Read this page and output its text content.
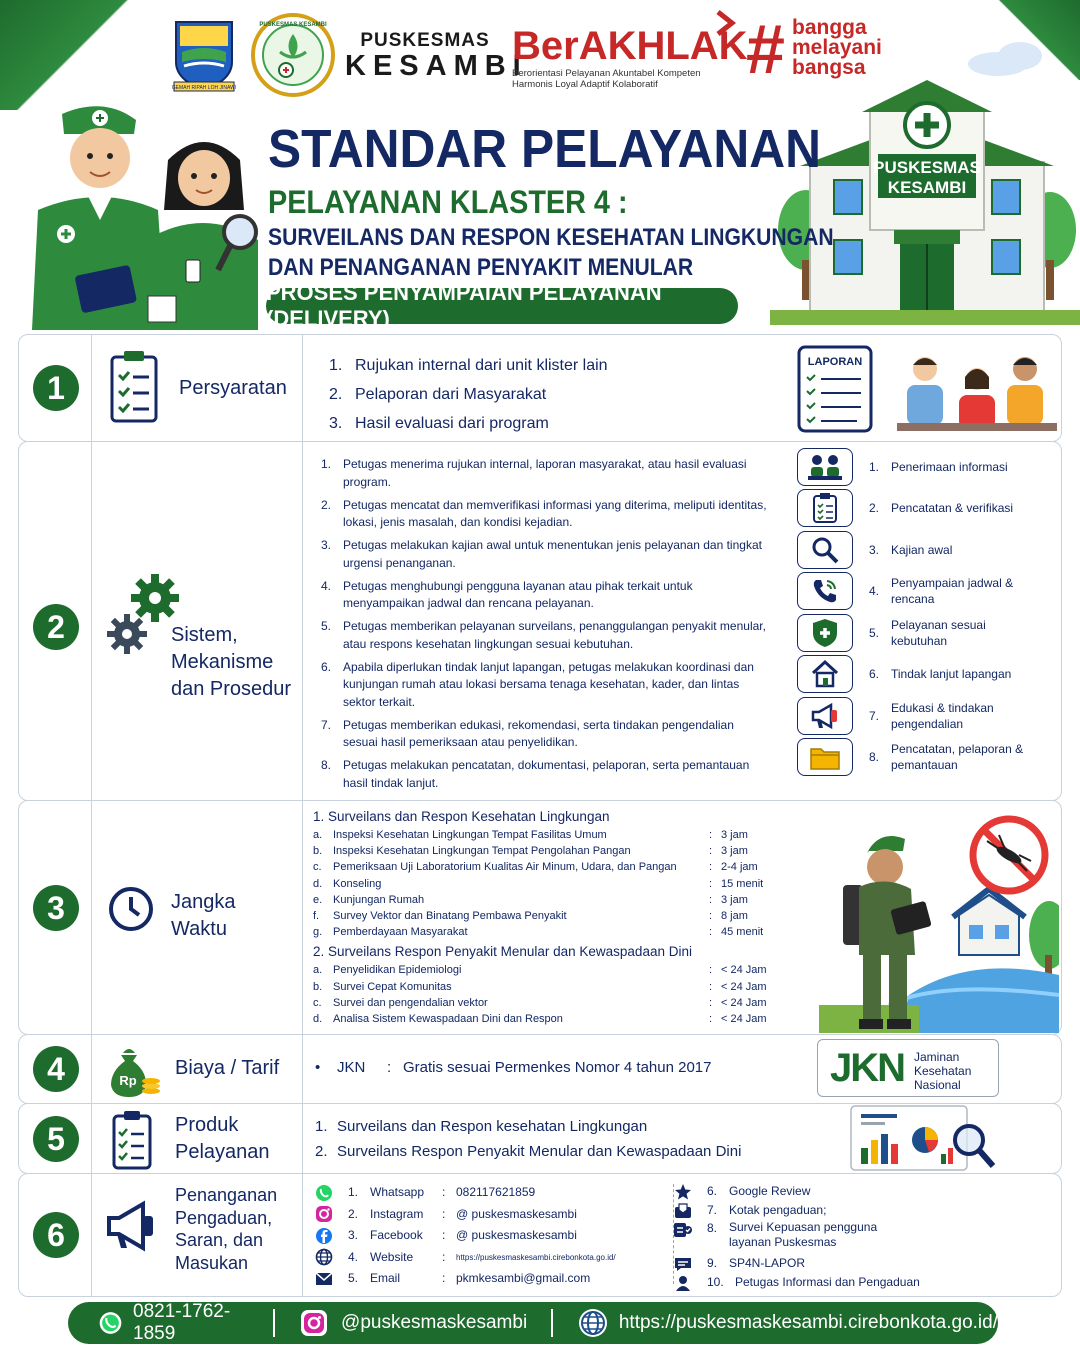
GEMAH RIPAH LOH JINAWI
PUSKESMAS KESAMBI
PUSKESMAS
KESAMBI
BerAKHLAK
Berorientasi Pelayanan Akuntabel Kompeten
Harmonis Loyal Adaptif Kolaboratif # bangga
melayani
bangsa
PUSKESMAS
KESAMBI
STANDAR PELAYANAN
PELAYANAN KLASTER 4 :
SURVEILANS DAN RESPON KESEHATAN LINGKUNGAN
DAN PENANGANAN PENYAKIT MENULAR
PROSES PENYAMPAIAN PELAYANAN (DELIVERY)
1	Persyaratan
1. Rujukan internal dari unit klister lain
2. Pelaporan dari Masyarakat
3. Hasil evaluasi dari program
LAPORAN
2	Sistem,
Mekanisme
dan Prosedur
1. Petugas menerima rujukan internal, laporan masyarakat, atau hasil evaluasi program.
2. Petugas mencatat dan memverifikasi informasi yang diterima, meliputi identitas, lokasi, jenis masalah, dan kondisi kejadian.
3. Petugas melakukan kajian awal untuk menentukan jenis pelayanan dan tingkat urgensi penanganan.
4. Petugas menghubungi pengguna layanan atau pihak terkait untuk menyampaikan jadwal dan rencana pelayanan.
5. Petugas memberikan pelayanan surveilans, penanggulangan penyakit menular, atau respons kesehatan lingkungan sesuai kebutuhan.
6. Apabila diperlukan tindak lanjut lapangan, petugas melakukan koordinasi dan kunjungan rumah atau lokasi bersama tenaga kesehatan, kader, dan lintas sektor terkait.
7. Petugas memberikan edukasi, rekomendasi, serta tindakan pengendalian sesuai hasil pemeriksaan atau penyelidikan.
8. Petugas melakukan pencatatan, dokumentasi, pelaporan, serta pemantauan hasil tindak lanjut.
1. Penerimaan informasi
2. Pencatatan & verifikasi
3. Kajian awal
4.
Penyampaian jadwal & rencana
5.
Pelayanan sesuai kebutuhan
6. Tindak lanjut lapangan
7.
Edukasi & tindakan pengendalian
8.
Pencatatan, pelaporan & pemantauan
3	Jangka
Waktu
1. Surveilans dan Respon Kesehatan Lingkungan
a. Inspeksi Kesehatan Lingkungan Tempat Fasilitas Umum	: 3 jam
b. Inspeksi Kesehatan Lingkungan Tempat Pengolahan Pangan	: 3 jam
c.	Pemeriksaan Uji Laboratorium Kualitas Air Minum, Udara, dan Pangan	: 2-4 jam
d. Konseling	: 15 menit
e. Kunjungan Rumah	: 3 jam
f.	Survey Vektor dan Binatang Pembawa Penyakit	: 8 jam
g. Pemberdayaan Masyarakat	: 45 menit
2. Surveilans Respon Penyakit Menular dan Kewaspadaan Dini
a. Penyelidikan Epidemiologi	: < 24 Jam
b. Survei Cepat Komunitas	: < 24 Jam
c.	Survei dan pengendalian vektor	: < 24 Jam
d. Analisa Sistem Kewaspadaan Dini dan Respon	: < 24 Jam
4	Rp
Biaya / Tarif •	JKN	: Gratis sesuai Permenkes Nomor 4 tahun 2017	JKN Jaminan
Kesehatan
Nasional
5	Produk
Pelayanan
1. Surveilans dan Respon kesehatan Lingkungan
2. Surveilans Respon Penyakit Menular dan Kewaspadaan Dini
6
Penanganan
Pengaduan,
Saran, dan
Masukan
1. Whatsapp	: 082117621859
2. Instagram	: @ puskesmaskesambi
3. Facebook	: @ puskesmaskesambi
4. Website	:	https://puskesmaskesambi.cirebonkota.go.id/
5. Email	: pkmkesambi@gmail.com
6. Google Review
7. Kotak pengaduan;
8. Survei Kepuasan pengguna layanan Puskesmas
9. SP4N-LAPOR
10. Petugas Informasi dan Pengaduan
0821-1762-1859
@puskesmaskesambi	https://puskesmaskesambi.cirebonkota.go.id/
